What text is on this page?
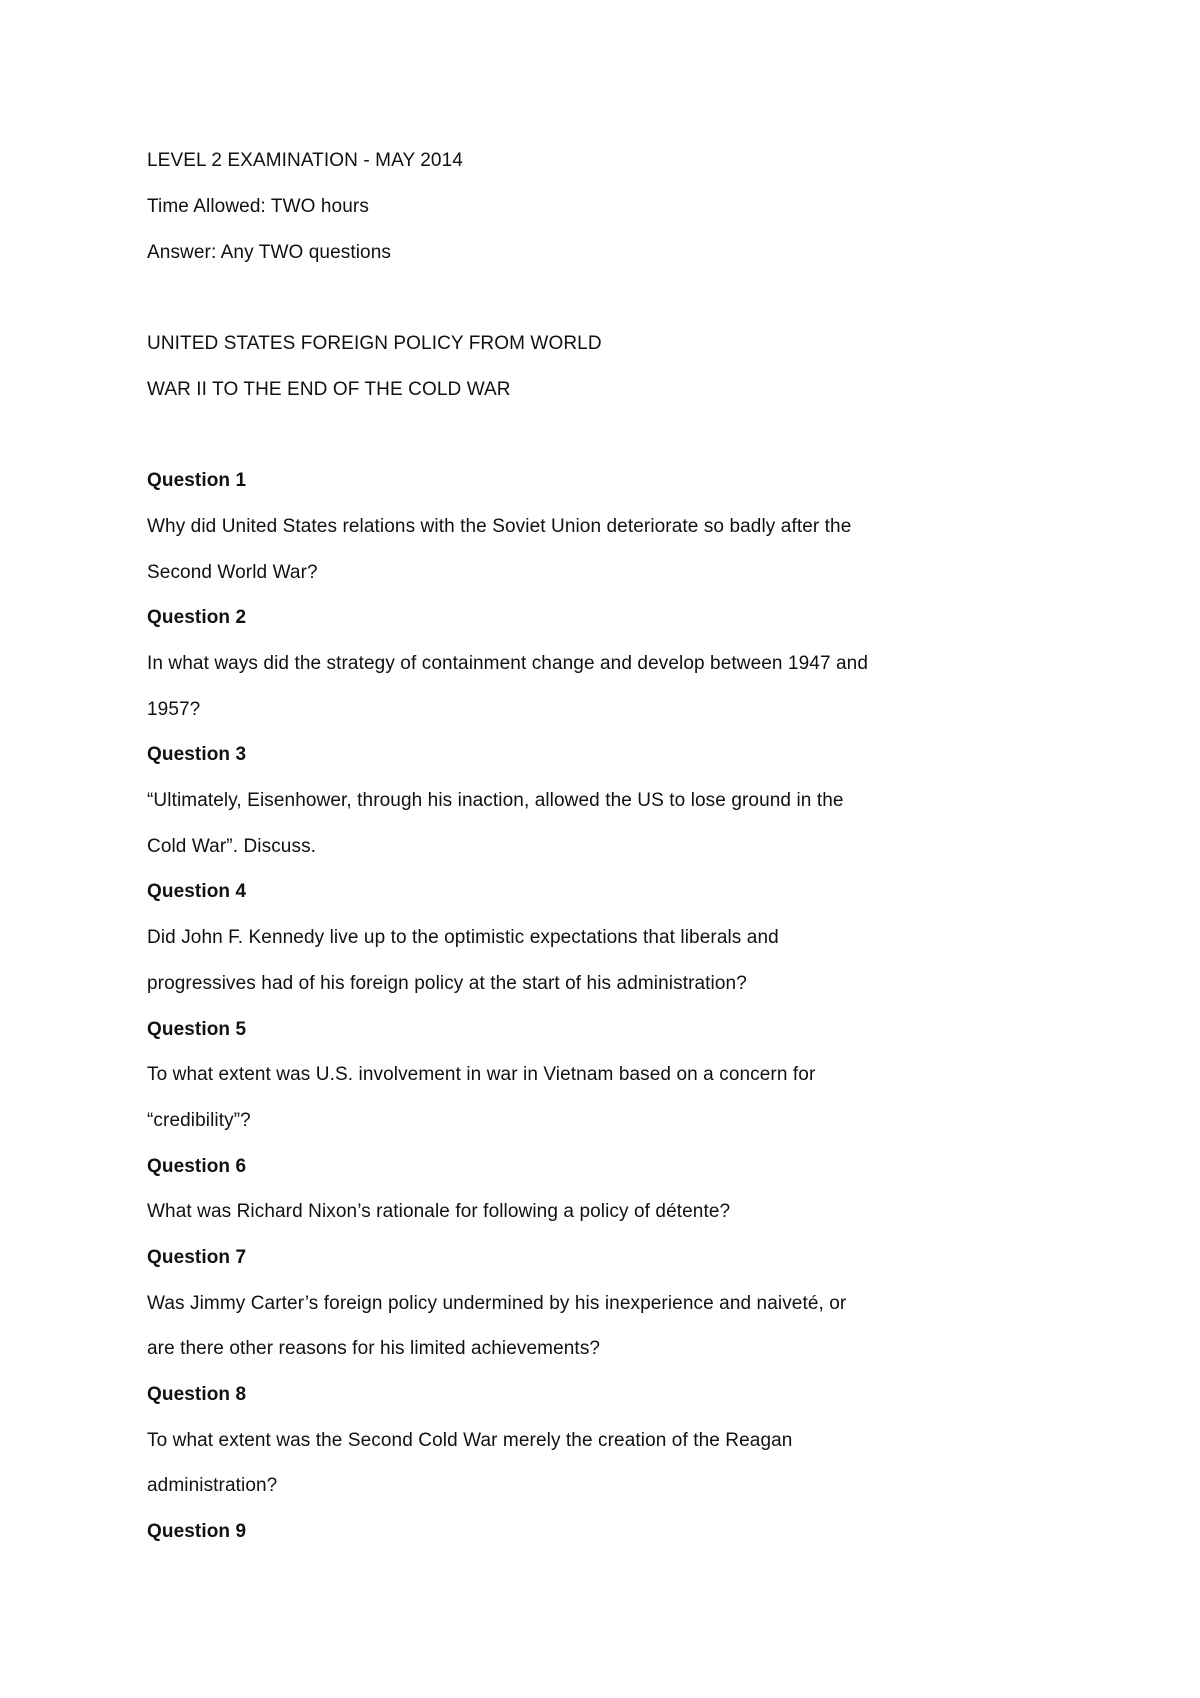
LEVEL 2 EXAMINATION - MAY 2014
Time Allowed: TWO hours
Answer: Any TWO questions
UNITED STATES FOREIGN POLICY FROM WORLD
WAR II TO THE END OF THE COLD WAR
Question 1
Why did United States relations with the Soviet Union deteriorate so badly after the
Second World War?
Question 2
In what ways did the strategy of containment change and develop between 1947 and
1957?
Question 3
“Ultimately, Eisenhower, through his inaction, allowed the US to lose ground in the
Cold War”. Discuss.
Question 4
Did John F. Kennedy live up to the optimistic expectations that liberals and
progressives had of his foreign policy at the start of his administration?
Question 5
To what extent was U.S. involvement in war in Vietnam based on a concern for
“credibility”?
Question 6
What was Richard Nixon’s rationale for following a policy of détente?
Question 7
Was Jimmy Carter’s foreign policy undermined by his inexperience and naiveté, or
are there other reasons for his limited achievements?
Question 8
To what extent was the Second Cold War merely the creation of the Reagan
administration?
Question 9
